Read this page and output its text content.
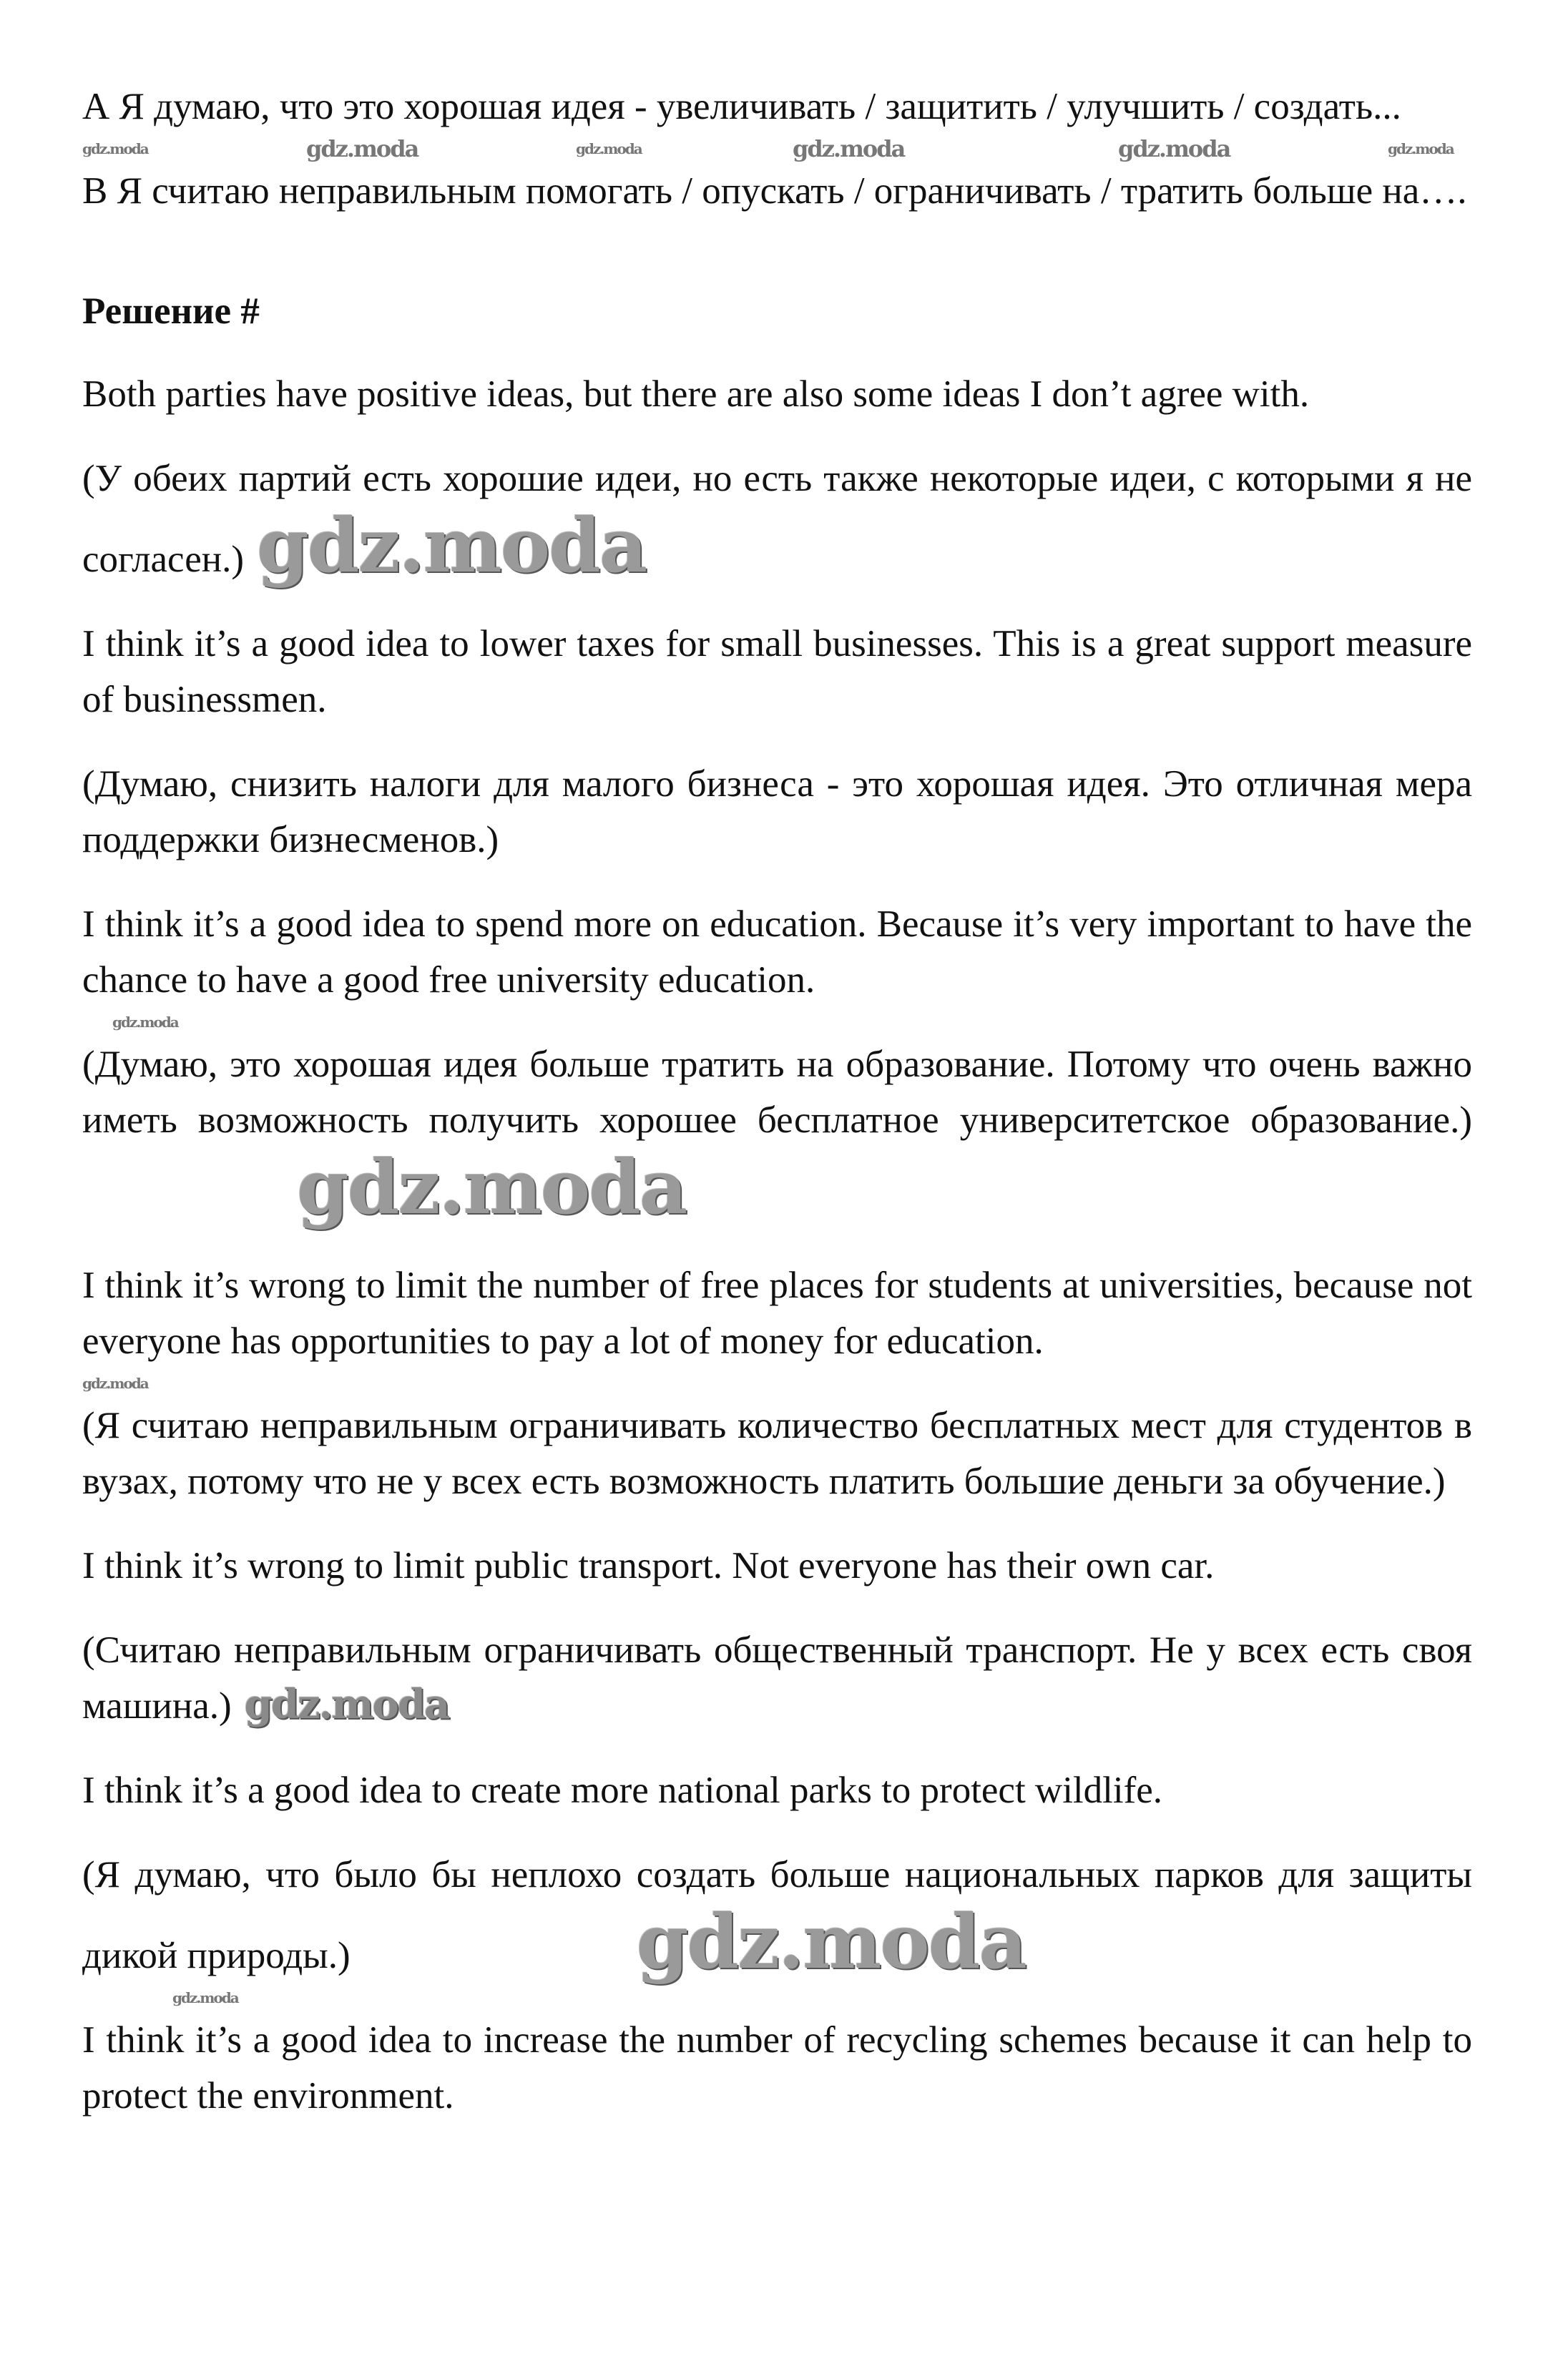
А Я думаю, что это хорошая идея - увеличивать / защитить / улучшить / создать...

gdz.moda	gdz.moda	gdz.moda	gdz.moda	gdz.moda	gdz.moda

В Я считаю неправильным помогать / опускать / ограничивать / тратить больше на….

Решение #

Both parties have positive ideas, but there are also some ideas I don’t agree with.

(У обеих партий есть хорошие идеи, но есть также некоторые идеи, с которыми я не согласен.) gdz.moda

I think it’s a good idea to lower taxes for small businesses. This is a great support measure of businessmen.

(Думаю, снизить налоги для малого бизнеса - это хорошая идея. Это отличная мера поддержки бизнесменов.)

I think it’s a good idea to spend more on education. Because it’s very important to have the chance to have a good free university education.

gdz.moda

(Думаю, это хорошая идея больше тратить на образование. Потому что очень важно иметь возможность получить хорошее бесплатное университетское образование.)gdz.moda

I think it’s wrong to limit the number of free places for students at universities, because not everyone has opportunities to pay a lot of money for education.

gdz.moda

(Я считаю неправильным ограничивать количество бесплатных мест для студентов в вузах, потому что не у всех есть возможность платить большие деньги за обучение.)

I think it’s wrong to limit public transport. Not everyone has their own car.

(Считаю неправильным ограничивать общественный транспорт. Не у всех есть своя машина.) gdz.moda

I think it’s a good idea to create more national parks to protect wildlife.

(Я думаю, что было бы неплохо создать больше национальных парков для защиты дикой природы.)	gdz.moda

gdz.moda

I think it’s a good idea to increase the number of recycling schemes because it can help to protect the environment.
